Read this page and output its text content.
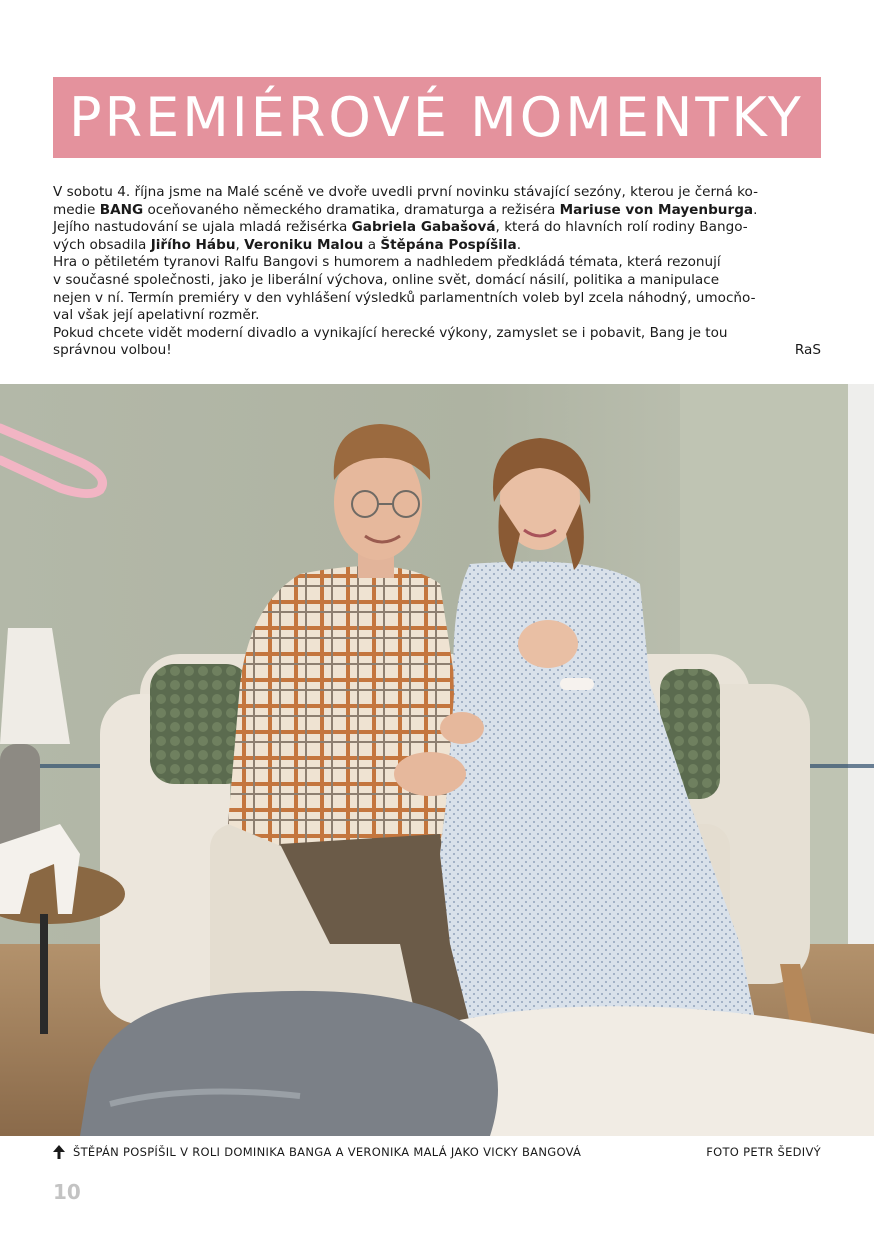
PREMIÉROVÉ MOMENTKY

V sobotu 4. října jsme na Malé scéně ve dvoře uvedli první novinku stávající sezóny, kterou je černá ko-

medie BANG oceňovaného německého dramatika, dramaturga a režiséra Mariuse von Mayenburga.

Jejího nastudování se ujala mladá režisérka Gabriela Gabašová, která do hlavních rolí rodiny Bango-

vých obsadila Jiřího Hábu, Veroniku Malou a Štěpána Pospíšila.

Hra o pětiletém tyranovi Ralfu Bangovi s humorem a nadhledem předkládá témata, která rezonují

v současné společnosti, jako je liberální výchova, online svět, domácí násilí, politika a manipulace

nejen v ní. Termín premiéry v den vyhlášení výsledků parlamentních voleb byl zcela náhodný, umocňo-

val však její apelativní rozměr.

Pokud chcete vidět moderní divadlo a vynikající herecké výkony, zamyslet se i pobavit, Bang je tou

správnou volbou!	RaS

ŠTĚPÁN POSPÍŠIL V ROLI DOMINIKA BANGA A VERONIKA MALÁ JAKO VICKY BANGOVÁ	FOTO PETR ŠEDIVÝ
10
